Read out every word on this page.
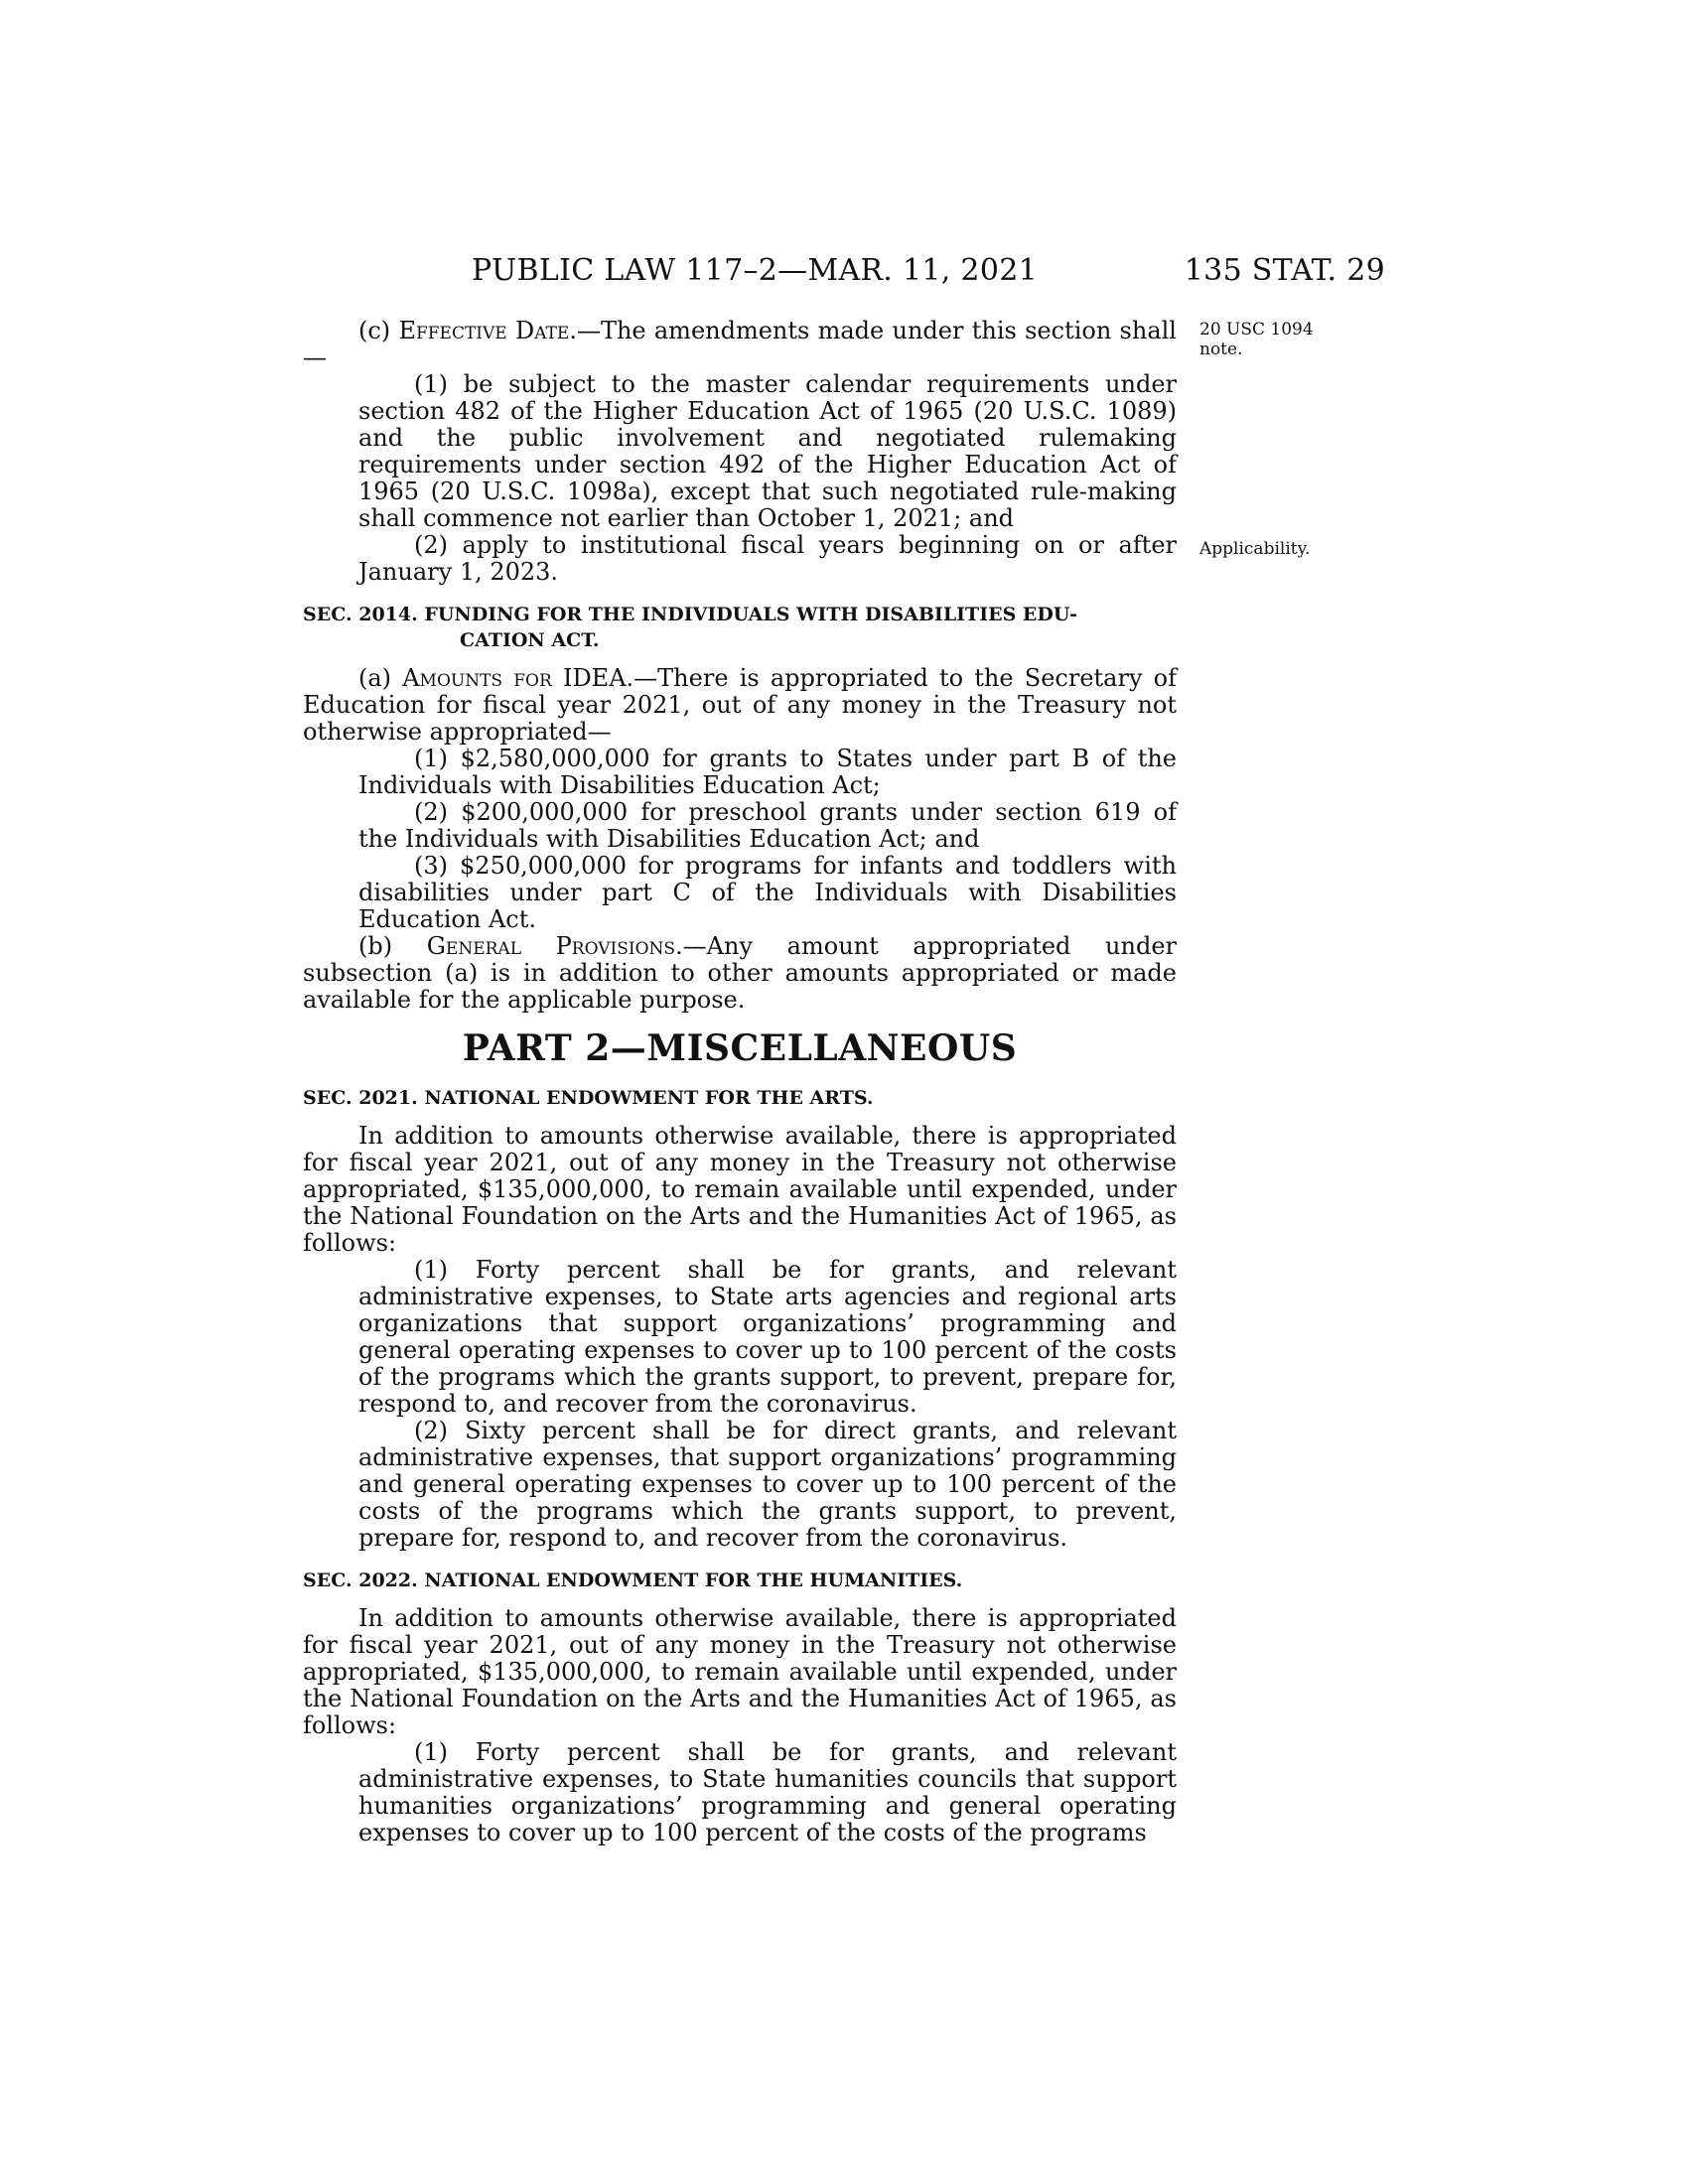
PUBLIC LAW 117–2—MAR. 11, 2021	135 STAT. 29
20 USC 1094
note.
Applicability.

(c) Effective Date.—The amendments made under this section shall—

(1) be subject to the master calendar requirements under section 482 of the Higher Education Act of 1965 (20 U.S.C. 1089) and the public involvement and negotiated rulemaking requirements under section 492 of the Higher Education Act of 1965 (20 U.S.C. 1098a), except that such negotiated rule-making shall commence not earlier than October 1, 2021; and

(2) apply to institutional fiscal years beginning on or after January 1, 2023.

SEC. 2014. FUNDING FOR THE INDIVIDUALS WITH DISABILITIES EDU-
CATION ACT.

(a) Amounts for IDEA.—There is appropriated to the Secretary of Education for fiscal year 2021, out of any money in the Treasury not otherwise appropriated—

(1) $2,580,000,000 for grants to States under part B of the Individuals with Disabilities Education Act;

(2) $200,000,000 for preschool grants under section 619 of the Individuals with Disabilities Education Act; and

(3) $250,000,000 for programs for infants and toddlers with disabilities under part C of the Individuals with Disabilities Education Act.

(b) General Provisions.—Any amount appropriated under subsection (a) is in addition to other amounts appropriated or made available for the applicable purpose.

PART 2—MISCELLANEOUS
SEC. 2021. NATIONAL ENDOWMENT FOR THE ARTS.

In addition to amounts otherwise available, there is appropriated for fiscal year 2021, out of any money in the Treasury not otherwise appropriated, $135,000,000, to remain available until expended, under the National Foundation on the Arts and the Humanities Act of 1965, as follows:

(1) Forty percent shall be for grants, and relevant administrative expenses, to State arts agencies and regional arts organizations that support organizations’ programming and general operating expenses to cover up to 100 percent of the costs of the programs which the grants support, to prevent, prepare for, respond to, and recover from the coronavirus.

(2) Sixty percent shall be for direct grants, and relevant administrative expenses, that support organizations’ programming and general operating expenses to cover up to 100 percent of the costs of the programs which the grants support, to prevent, prepare for, respond to, and recover from the coronavirus.

SEC. 2022. NATIONAL ENDOWMENT FOR THE HUMANITIES.

In addition to amounts otherwise available, there is appropriated for fiscal year 2021, out of any money in the Treasury not otherwise appropriated, $135,000,000, to remain available until expended, under the National Foundation on the Arts and the Humanities Act of 1965, as follows:

(1) Forty percent shall be for grants, and relevant administrative expenses, to State humanities councils that support humanities organizations’ programming and general operating expenses to cover up to 100 percent of the costs of the programs
